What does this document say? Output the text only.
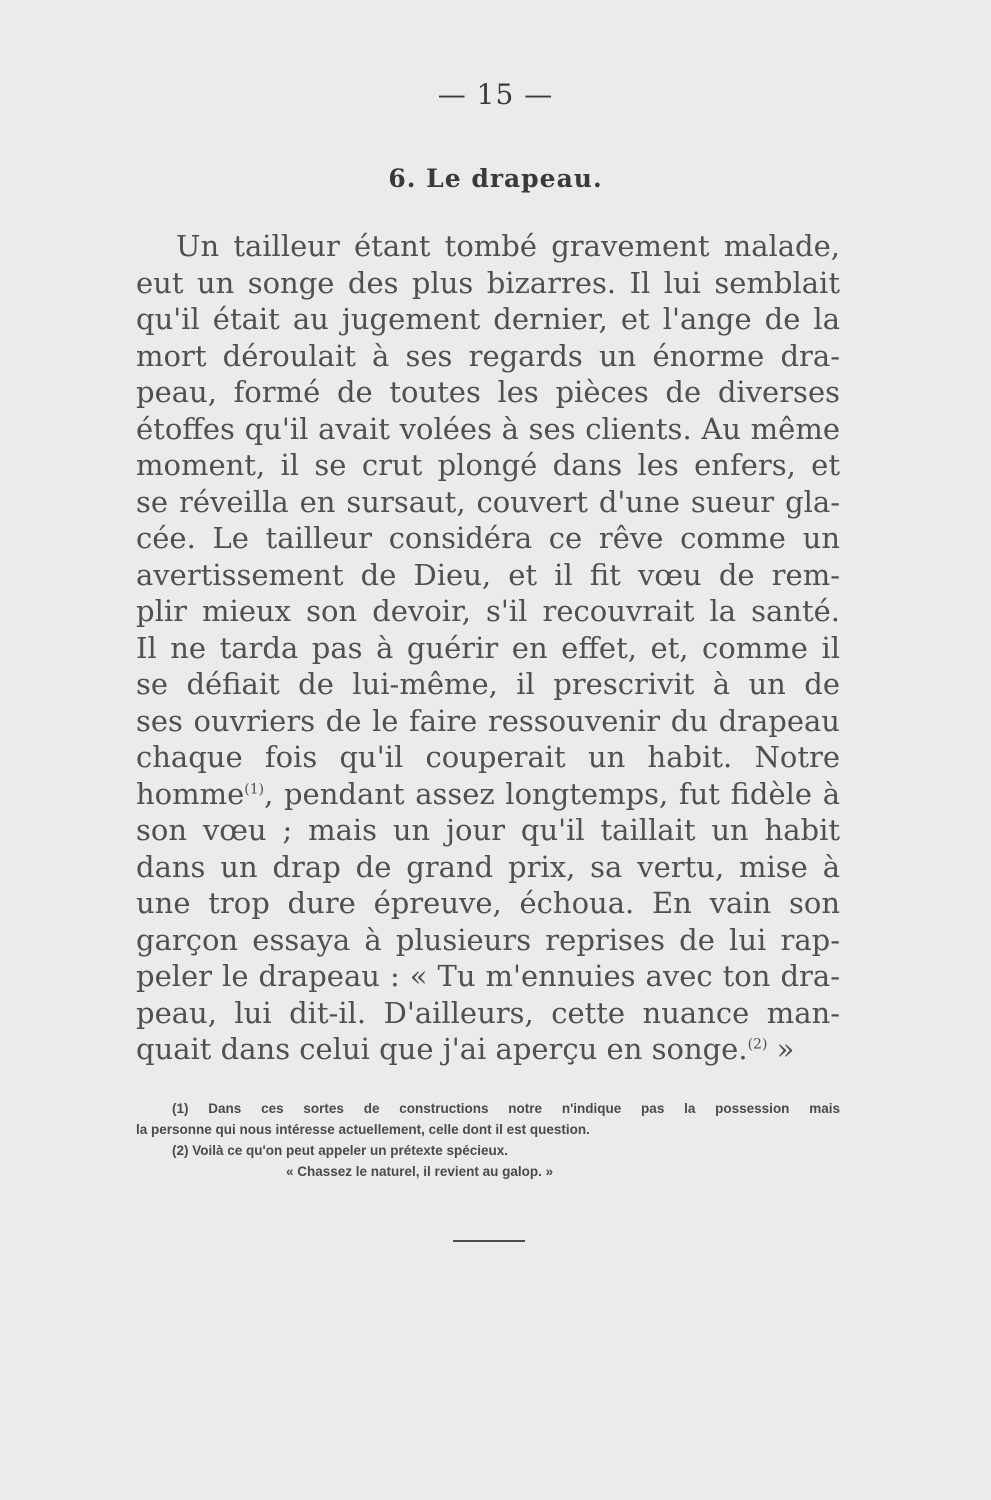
— 15 —
6. Le drapeau.
Un tailleur étant tombé gravement malade,
eut un songe des plus bizarres. Il lui semblait
qu'il était au jugement dernier, et l'ange de la
mort déroulait à ses regards un énorme dra-
peau, formé de toutes les pièces de diverses
étoffes qu'il avait volées à ses clients. Au même
moment, il se crut plongé dans les enfers, et
se réveilla en sursaut, couvert d'une sueur gla-
cée. Le tailleur considéra ce rêve comme un
avertissement de Dieu, et il fit vœu de rem-
plir mieux son devoir, s'il recouvrait la santé.
Il ne tarda pas à guérir en effet, et, comme il
se défiait de lui-même, il prescrivit à un de
ses ouvriers de le faire ressouvenir du drapeau
chaque fois qu'il couperait un habit. Notre
homme$^{(1)}$, pendant assez longtemps, fut fidèle à
son vœu ; mais un jour qu'il taillait un habit
dans un drap de grand prix, sa vertu, mise à
une trop dure épreuve, échoua. En vain son
garçon essaya à plusieurs reprises de lui rap-
peler le drapeau : « Tu m'ennuies avec ton dra-
peau, lui dit-il. D'ailleurs, cette nuance man-
quait dans celui que j'ai aperçu en songe.$^{(2)}$ »
(1) Dans ces sortes de constructions notre n'indique pas la possession mais
la personne qui nous intéresse actuellement, celle dont il est question.
(2) Voilà ce qu'on peut appeler un prétexte spécieux.
« Chassez le naturel, il revient au galop. »
